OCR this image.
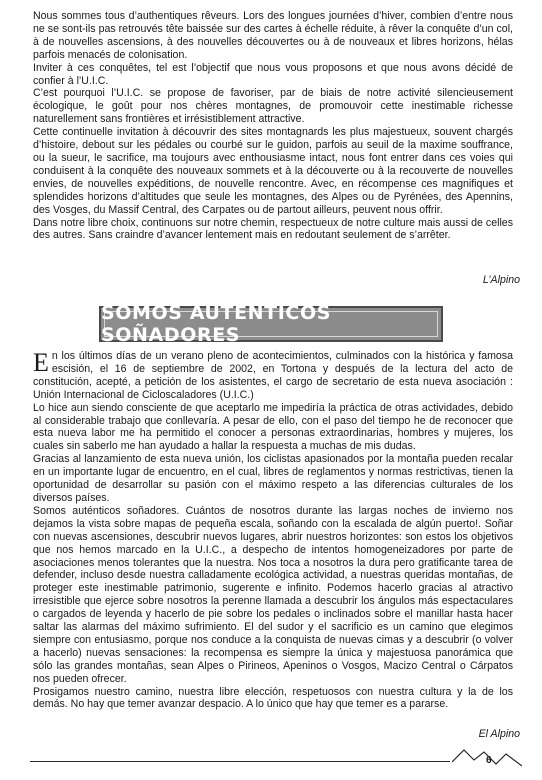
Nous sommes tous d’authentiques rêveurs. Lors des longues journées d’hiver, combien d’entre nous ne se sont-ils pas retrouvés tête baissée sur des cartes à échelle réduite, à rêver la conquête d’un col, à de nouvelles ascensions, à des nouvelles découvertes ou à de nouveaux et libres horizons, hélas parfois menacés de colonisation.

Inviter à ces conquêtes, tel est l’objectif que nous vous proposons et que nous avons décidé de confier à l’U.I.C.

C’est pourquoi l’U.I.C. se propose de favoriser, par de biais de notre activité silencieusement écologique, le goût pour nos chères montagnes, de promouvoir cette inestimable richesse naturellement sans frontières et irrésistiblement attractive.

Cette continuelle invitation à découvrir des sites montagnards les plus majestueux, souvent chargés d’histoire, debout sur les pédales ou courbé sur le guidon, parfois au seuil de la maxime souffrance, ou la sueur, le sacrifice, ma toujours avec enthousiasme intact, nous font entrer dans ces voies qui conduisent à la conquête des nouveaux sommets et à la découverte ou à la recouverte de nouvelles envies, de nouvelles expéditions, de nouvelle rencontre. Avec, en récompense ces magnifiques et splendides horizons d’altitudes que seule les montagnes, des Alpes ou de Pyrénées, des Apennins, des Vosges, du Massif Central, des Carpates ou de partout ailleurs, peuvent nous offrir.

Dans notre libre choix, continuons sur notre chemin, respectueux de notre culture mais aussi de celles des autres. Sans craindre d’avancer lentement mais en redoutant seulement de s’arrêter.

L’Alpino
SOMOS AUTENTICOS SOÑADORES

En los últimos días de un verano pleno de acontecimientos, culminados con la histórica y famosa escisión, el 16 de septiembre de 2002, en Tortona y después de la lectura del acto de constitución, acepté, a petición de los asistentes, el cargo de secretario de esta nueva asociación : Unión Internacional de Cicloscaladores (U.I.C.)

Lo hice aun siendo consciente de que aceptarlo me impediría la práctica de otras actividades, debido al considerable trabajo que conllevaría. A pesar de ello, con el paso del tiempo he de reconocer que esta nueva labor me ha permitido el conocer a personas extraordinarias, hombres y mujeres, los cuales sin saberlo me han ayudado a hallar la respuesta a muchas de mis dudas.

Gracias al lanzamiento de esta nueva unión, los ciclistas apasionados por la montaña pueden recalar en un importante lugar de encuentro, en el cual, libres de reglamentos y normas restrictivas, tienen la oportunidad de desarrollar su pasión con el máximo respeto a las diferencias culturales de los diversos países.

Somos auténticos soñadores. Cuántos de nosotros durante las largas noches de invierno nos dejamos la vista sobre mapas de pequeña escala, soñando con la escalada de algún puerto!. Soñar con nuevas ascensiones, descubrir nuevos lugares, abrir nuestros horizontes: son estos los objetivos que nos hemos marcado en la U.I.C., a despecho de intentos homogeneizadores por parte de asociaciones menos tolerantes que la nuestra. Nos toca a nosotros la dura pero gratificante tarea de defender, incluso desde nuestra calladamente ecológica actividad, a nuestras queridas montañas, de proteger este inestimable patrimonio, sugerente e infinito. Podemos hacerlo gracias al atractivo irresistible que ejerce sobre nosotros la perenne llamada a descubrir los ángulos más espectaculares o cargados de leyenda y hacerlo de pie sobre los pedales o inclinados sobre el manillar hasta hacer saltar las alarmas del máximo sufrimiento. El del sudor y el sacrificio es un camino que elegimos siempre con entusiasmo, porque nos conduce a la conquista de nuevas cimas y a descubrir (o volver a hacerlo) nuevas sensaciones: la recompensa es siempre la única y majestuosa panorámica que sólo las grandes montañas, sean Alpes o Pirineos, Apeninos o Vosgos, Macizo Central o Cárpatos nos pueden ofrecer.

Prosigamos nuestro camino, nuestra libre elección, respetuosos con nuestra cultura y la de los demás. No hay que temer avanzar despacio. A lo único que hay que temer es a pararse.

El Alpino
6
